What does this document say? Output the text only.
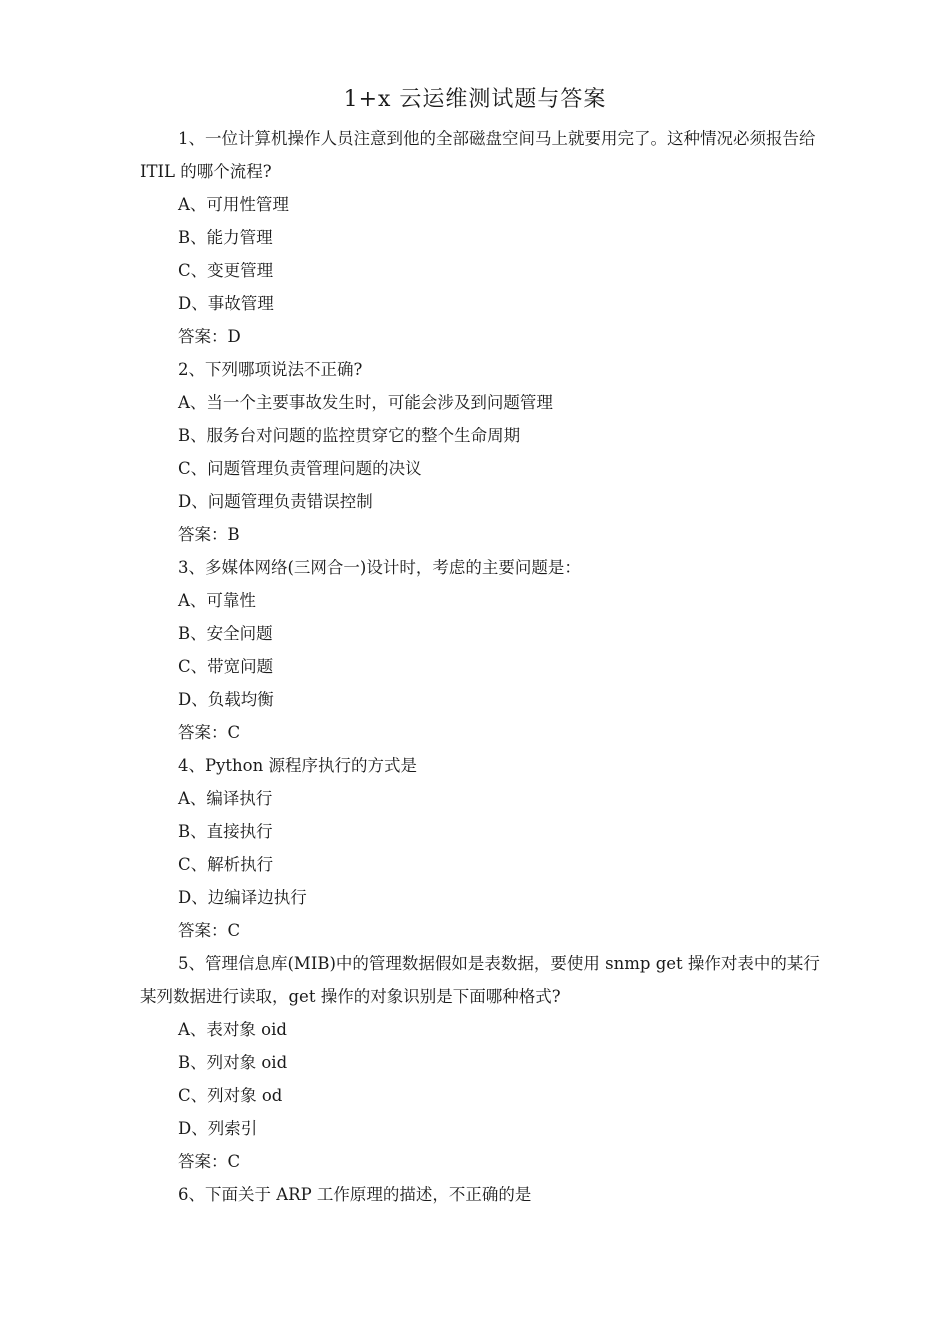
1+x 云运维测试题与答案

1、一位计算机操作人员注意到他的全部磁盘空间马上就要用完了。这种情况必须报告给 ITIL 的哪个流程?

A、可用性管理

B、能力管理

C、变更管理

D、事故管理

答案：D

2、下列哪项说法不正确?

A、当一个主要事故发生时，可能会涉及到问题管理

B、服务台对问题的监控贯穿它的整个生命周期

C、问题管理负责管理问题的决议

D、问题管理负责错误控制

答案：B

3、多媒体网络(三网合一)设计时，考虑的主要问题是：

A、可靠性

B、安全问题

C、带宽问题

D、负载均衡

答案：C

4、Python 源程序执行的方式是

A、编译执行

B、直接执行

C、解析执行

D、边编译边执行

答案：C

5、管理信息库(MIB)中的管理数据假如是表数据，要使用 snmp get 操作对表中的某行某列数据进行读取，get 操作的对象识别是下面哪种格式?

A、表对象 oid

B、列对象 oid

C、列对象 od

D、列索引

答案：C

6、下面关于 ARP 工作原理的描述，不正确的是
